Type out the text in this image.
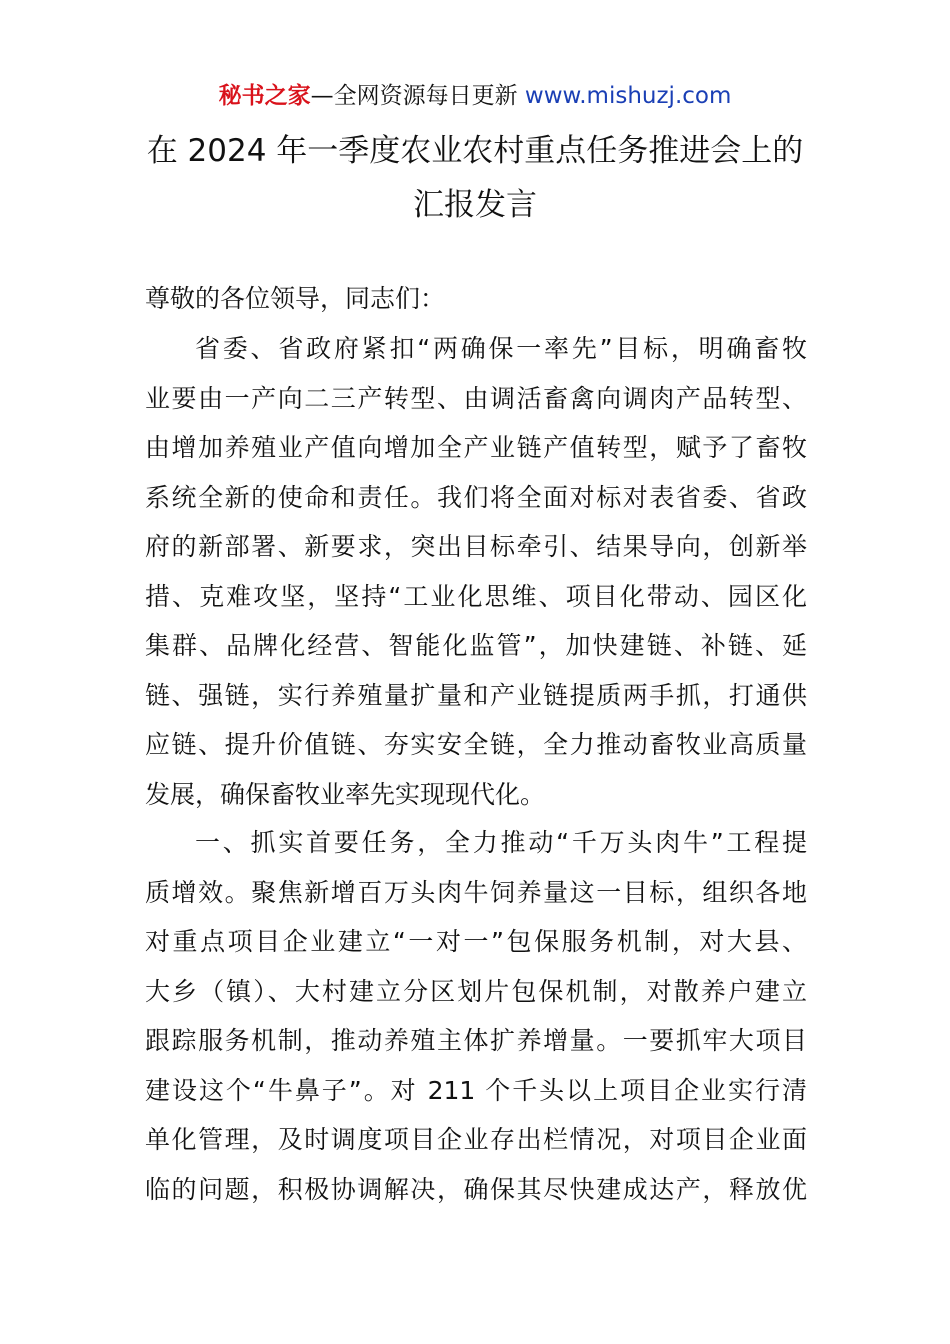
秘书之家—全网资源每日更新 www.mishuzj.com
在 2024 年一季度农业农村重点任务推进会上的
汇报发言
尊敬的各位领导，同志们：
省委、省政府紧扣“两确保一率先”目标，明确畜牧
业要由一产向二三产转型、由调活畜禽向调肉产品转型、
由增加养殖业产值向增加全产业链产值转型，赋予了畜牧
系统全新的使命和责任。我们将全面对标对表省委、省政
府的新部署、新要求，突出目标牵引、结果导向，创新举
措、克难攻坚，坚持“工业化思维、项目化带动、园区化
集群、品牌化经营、智能化监管”，加快建链、补链、延
链、强链，实行养殖量扩量和产业链提质两手抓，打通供
应链、提升价值链、夯实安全链，全力推动畜牧业高质量
发展，确保畜牧业率先实现现代化。
一、抓实首要任务，全力推动“千万头肉牛”工程提
质增效。聚焦新增百万头肉牛饲养量这一目标，组织各地
对重点项目企业建立“一对一”包保服务机制，对大县、
大乡（镇）、大村建立分区划片包保机制，对散养户建立
跟踪服务机制，推动养殖主体扩养增量。一要抓牢大项目
建设这个“牛鼻子”。对 211 个千头以上项目企业实行清
单化管理，及时调度项目企业存出栏情况，对项目企业面
临的问题，积极协调解决，确保其尽快建成达产，释放优
